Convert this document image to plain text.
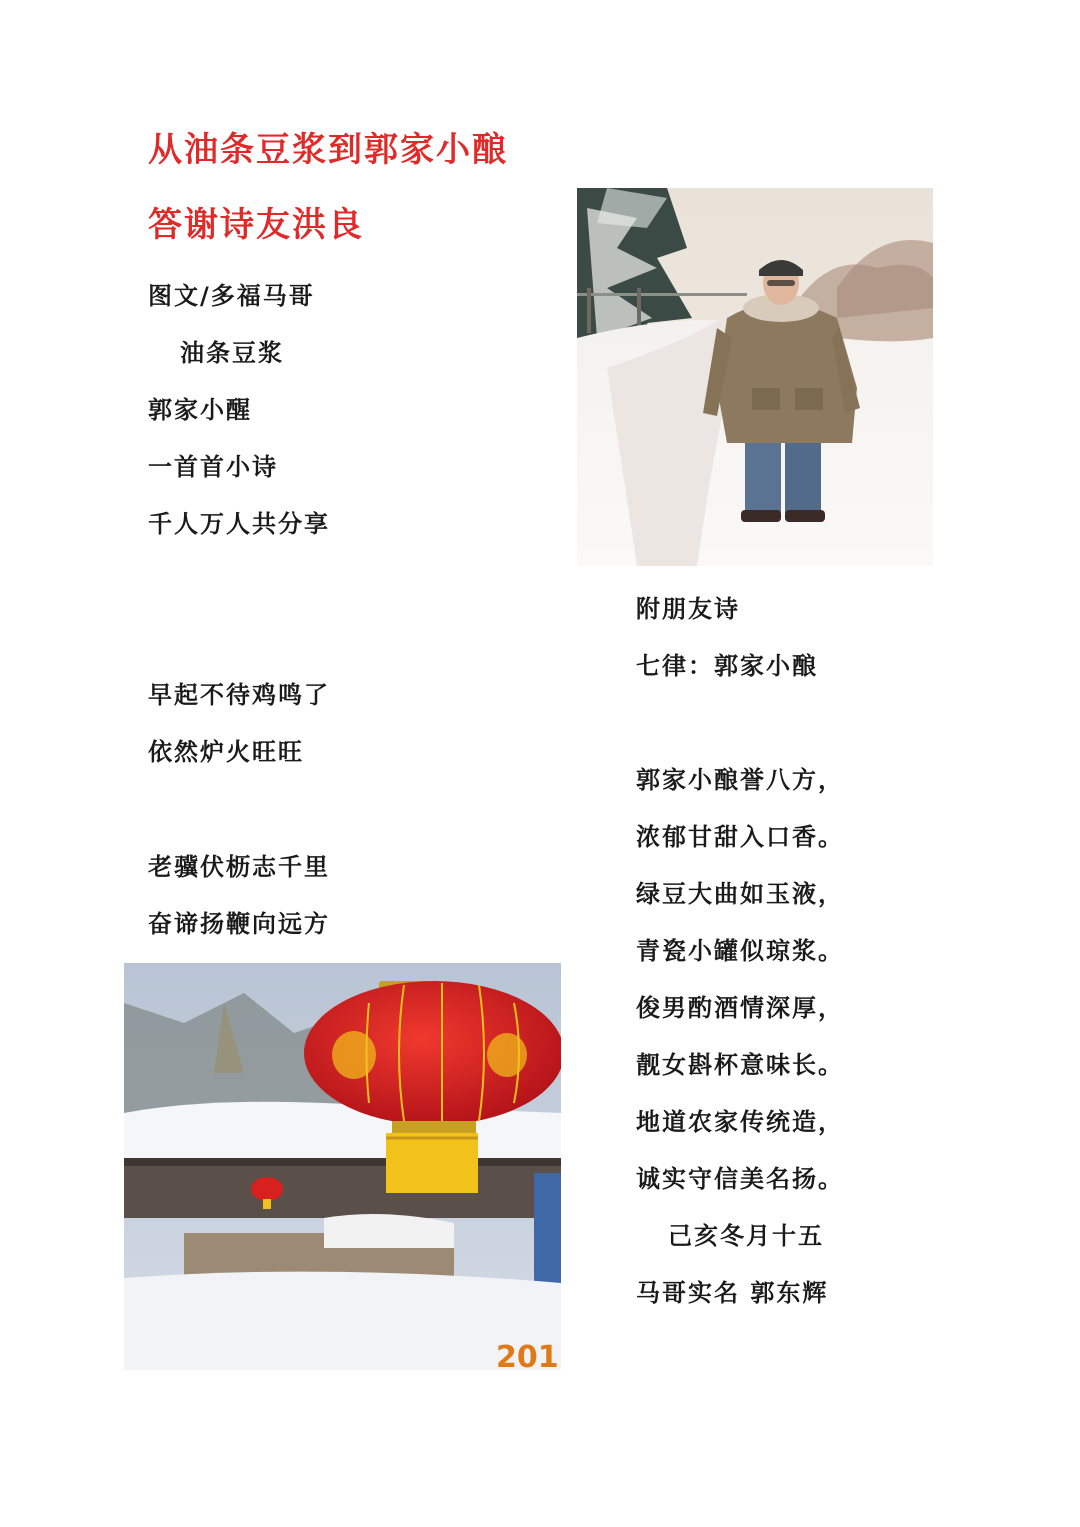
从油条豆浆到郭家小酿
答谢诗友洪良
图文/多福马哥
油条豆浆
郭家小醒
一首首小诗
千人万人共分享
早起不待鸡鸣了
依然炉火旺旺
老骥伏枥志千里
奋谛扬鞭向远方
附朋友诗
七律：郭家小酿
郭家小酿誉八方，
浓郁甘甜入口香。
绿豆大曲如玉液，
青瓷小罐似琼浆。
俊男酌酒情深厚，
靓女斟杯意味长。
地道农家传统造，
诚实守信美名扬。
己亥冬月十五
马哥实名 郭东辉
201
